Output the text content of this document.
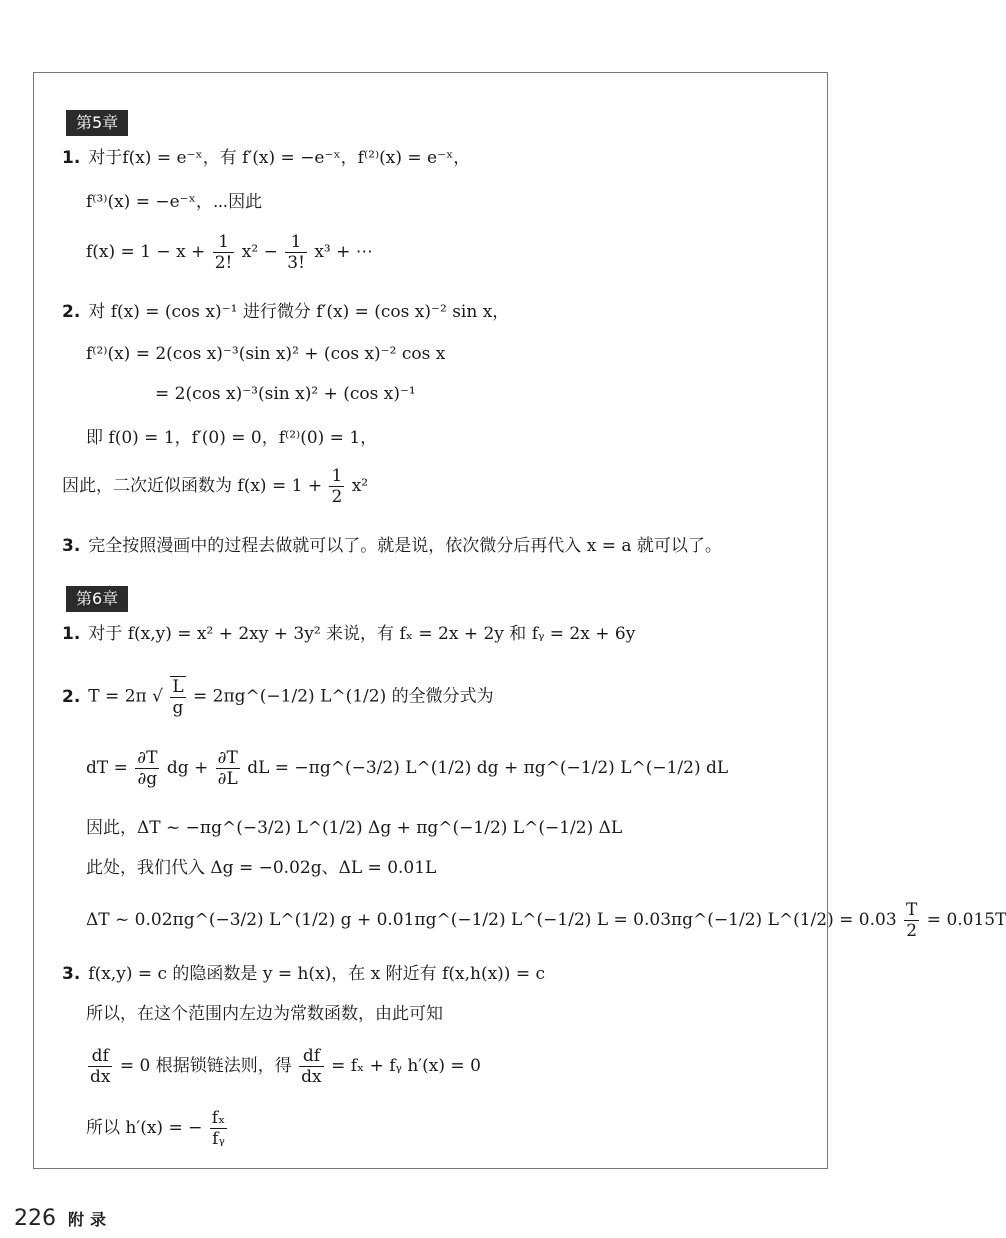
第5章
1. 对于f(x) = e⁻ˣ，有 f′(x) = −e⁻ˣ，f⁽²⁾(x) = e⁻ˣ，
f⁽³⁾(x) = −e⁻ˣ，⋯因此
$f(x) = 1 - x + \frac{1}{2!} x^2 - \frac{1}{3!} x^3$ + ⋯
2. 对 f(x) = (cos x)⁻¹ 进行微分 f′(x) = (cos x)⁻² sin x，
f⁽²⁾(x) = 2(cos x)⁻³(sin x)² + (cos x)⁻² cos x
= 2(cos x)⁻³(sin x)² + (cos x)⁻¹
即 f(0) = 1，f′(0) = 0，f⁽²⁾(0) = 1，
因此，二次近似函数为 $f(x) = 1 + \frac{1}{2} x^2$
3. 完全按照漫画中的过程去做就可以了。就是说，依次微分后再代入 x = a 就可以了。
第6章
1. 对于 f(x,y) = x² + 2xy + 3y² 来说，有 fₓ = 2x + 2y 和 fᵧ = 2x + 6y
2. T = 2π √ $\frac{L}{g}$ = 2πg^(−1/2) L^(1/2) 的全微分式为
dT = $\frac{\partial T}{\partial g}$ dg + $\frac{\partial T}{\partial L}$ dL = −πg^(−3/2) L^(1/2) dg + πg^(−1/2) L^(−1/2) dL
因此，ΔT ~ −πg^(−3/2) L^(1/2) Δg + πg^(−1/2) L^(−1/2) ΔL
此处，我们代入 Δg = −0.02g、ΔL = 0.01L
ΔT ~ 0.02πg^(−3/2) L^(1/2) g + 0.01πg^(−1/2) L^(−1/2) L = 0.03πg^(−1/2) L^(1/2) = $0.03 \frac{T}{2} = 0.015T$
3. f(x,y) = c 的隐函数是 y = h(x)，在 x 附近有 f(x,h(x)) = c
所以，在这个范围内左边为常数函数，由此可知
$\frac{df}{dx} = 0$ 根据锁链法则，得 $\frac{df}{dx} = f_x$ + fᵧ h′(x) = 0
所以 h′(x) = − $\frac{\text{fₓ}}{\text{fᵧ}}$
226 附录
